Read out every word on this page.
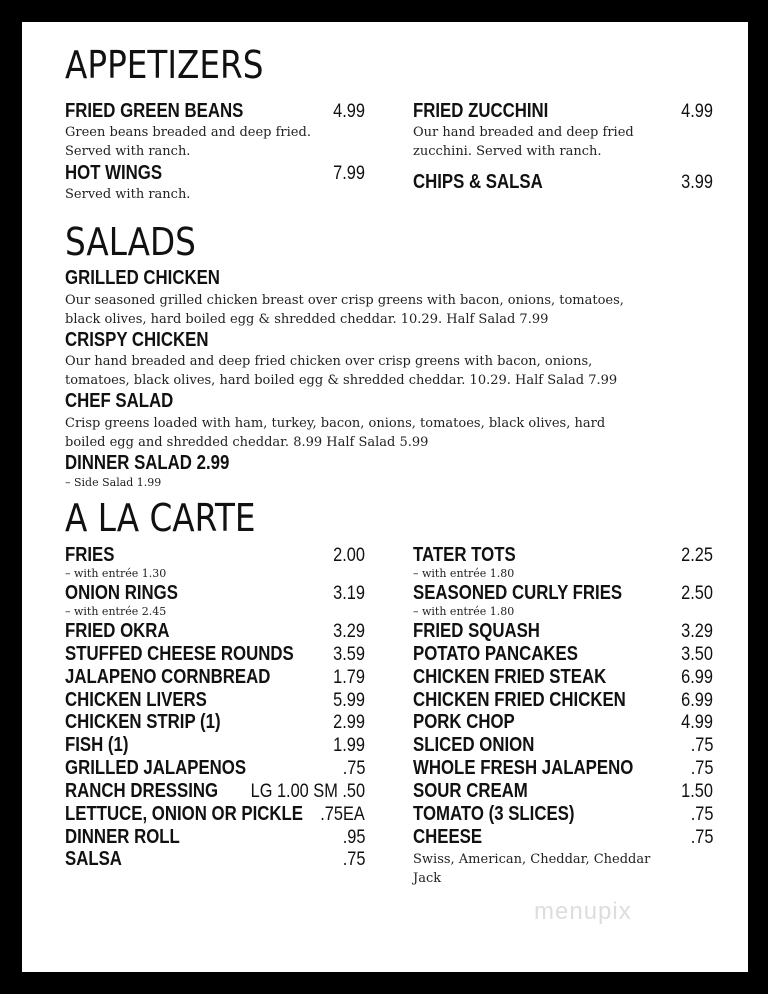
APPETIZERS
FRIED GREEN BEANS	4.99
Green beans breaded and deep fried.
Served with ranch.
HOT WINGS	7.99
Served with ranch.
FRIED ZUCCHINI	4.99
Our hand breaded and deep fried
zucchini. Served with ranch.
CHIPS & SALSA	3.99
SALADS
GRILLED CHICKEN
Our seasoned grilled chicken breast over crisp greens with bacon, onions, tomatoes,
black olives, hard boiled egg & shredded cheddar. 10.29. Half Salad 7.99
CRISPY CHICKEN
Our hand breaded and deep fried chicken over crisp greens with bacon, onions,
tomatoes, black olives, hard boiled egg & shredded cheddar. 10.29. Half Salad 7.99
CHEF SALAD
Crisp greens loaded with ham, turkey, bacon, onions, tomatoes, black olives, hard
boiled egg and shredded cheddar. 8.99 Half Salad 5.99
DINNER SALAD 2.99
– Side Salad 1.99
A LA CARTE
FRIES	2.00
– with entrée 1.30
ONION RINGS	3.19
– with entrée 2.45
FRIED OKRA	3.29
STUFFED CHEESE ROUNDS 3.59
JALAPENO CORNBREAD	1.79
CHICKEN LIVERS	5.99
CHICKEN STRIP (1)	2.99
FISH (1)	1.99
GRILLED JALAPENOS	.75
RANCH DRESSING LG 1.00 SM .50
LETTUCE, ONION OR PICKLE .75EA
DINNER ROLL	.95
SALSA	.75
TATER TOTS	2.25
– with entrée 1.80
SEASONED CURLY FRIES	2.50
– with entrée 1.80
FRIED SQUASH	3.29
POTATO PANCAKES	3.50
CHICKEN FRIED STEAK	6.99
CHICKEN FRIED CHICKEN	6.99
PORK CHOP	4.99
SLICED ONION	.75
WHOLE FRESH JALAPENO	.75
SOUR CREAM	1.50
TOMATO (3 SLICES)	.75
CHEESE	.75
Swiss, American, Cheddar, Cheddar
Jack
menupix
